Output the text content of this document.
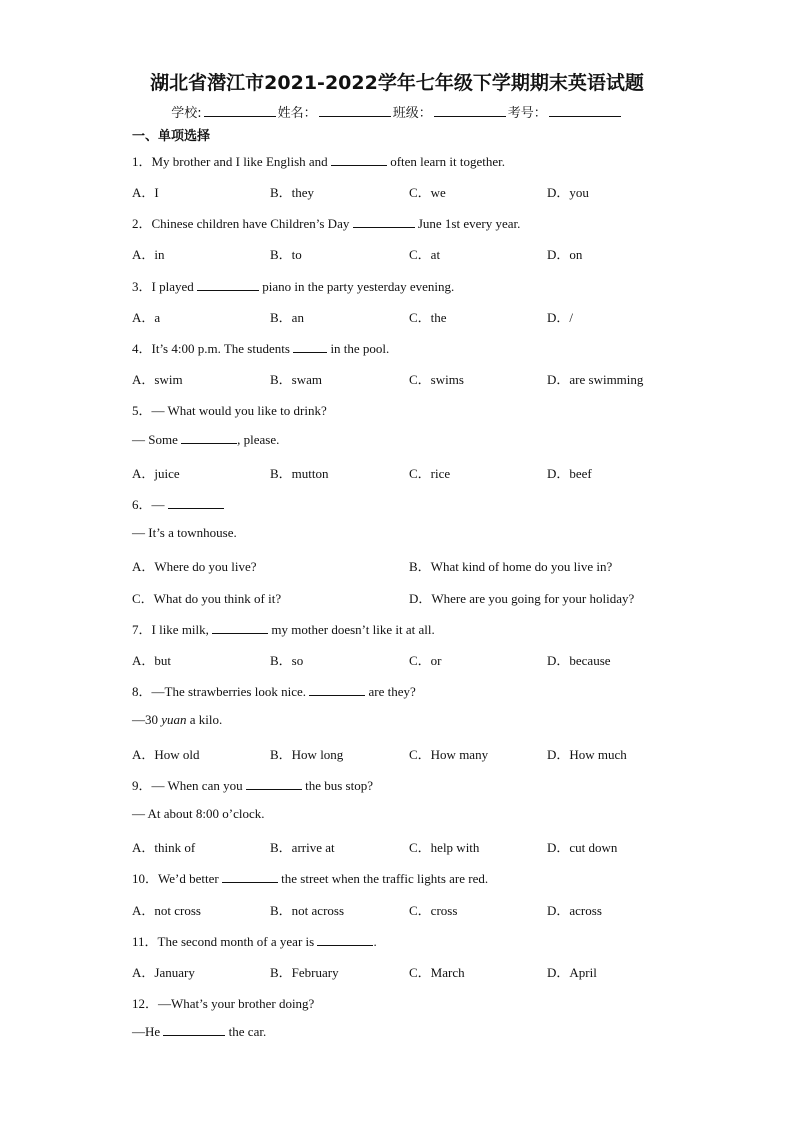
湖北省潜江市2021-2022学年七年级下学期期末英语试题
学校:	姓名：	班级：	考号：
一、单项选择
1．My brother and I like English and	often learn it together.
A．I	B．they	C．we	D．you
2．Chinese children have Children’s Day	June 1st every year.
A．in	B．to	C．at	D．on
3．I played	piano in the party yesterday evening.
A．a	B．an	C．the	D．/
4．It’s 4:00 p.m. The students	in the pool.
A．swim	B．swam	C．swims	D．are swimming
5．— What would you like to drink?
— Some	, please.
A．juice	B．mutton	C．rice	D．beef
6．—
— It’s a townhouse.
A．Where do you live?	B．What kind of home do you live in?
C．What do you think of it?	D．Where are you going for your holiday?
7．I like milk,	my mother doesn’t like it at all.
A．but	B．so	C．or	D．because
8．—The strawberries look nice.	are they?
—30 yuan a kilo.
A．How old	B．How long	C．How many	D．How much
9．— When can you	the bus stop?
— At about 8:00 o’clock.
A．think of	B．arrive at	C．help with	D．cut down
10．We’d better	the street when the traffic lights are red.
A．not cross	B．not across	C．cross	D．across
11．The second month of a year is	.
A．January	B．February	C．March	D．April
12．—What’s your brother doing?
—He	the car.
